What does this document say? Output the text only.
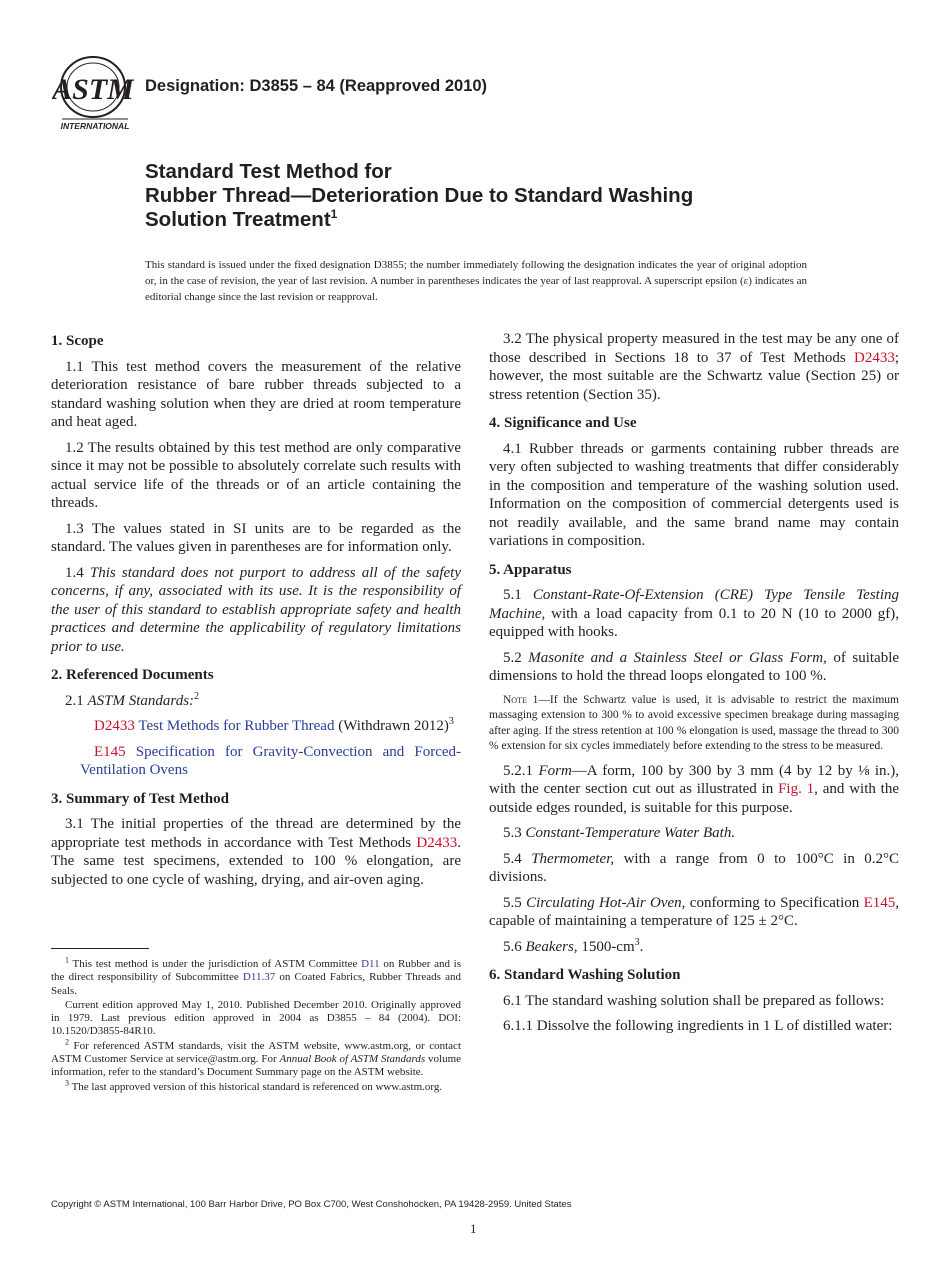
ASTM
INTERNATIONAL
Designation: D3855 – 84 (Reapproved 2010)
Standard Test Method for
Rubber Thread—Deterioration Due to Standard Washing
Solution Treatment$^1$
This standard is issued under the fixed designation D3855; the number immediately following the designation indicates the year of original adoption or, in the case of revision, the year of last revision. A number in parentheses indicates the year of last reapproval. A superscript epsilon (ε) indicates an editorial change since the last revision or reapproval.
1. Scope

1.1 This test method covers the measurement of the relative deterioration resistance of bare rubber threads subjected to a standard washing solution when they are dried at room temperature and heat aged.

1.2 The results obtained by this test method are only comparative since it may not be possible to absolutely correlate such results with actual service life of the threads or of an article containing the threads.

1.3 The values stated in SI units are to be regarded as the standard. The values given in parentheses are for information only.

1.4 This standard does not purport to address all of the safety concerns, if any, associated with its use. It is the responsibility of the user of this standard to establish appropriate safety and health practices and determine the applicability of regulatory limitations prior to use.

2. Referenced Documents

2.1 ASTM Standards:$^2$

D2433 Test Methods for Rubber Thread (Withdrawn 2012)$^3$

E145 Specification for Gravity-Convection and Forced-Ventilation Ovens

3. Summary of Test Method

3.1 The initial properties of the thread are determined by the appropriate test methods in accordance with Test Methods D2433. The same test specimens, extended to 100 % elongation, are subjected to one cycle of washing, drying, and air-oven aging.

3.2 The physical property measured in the test may be any one of those described in Sections 18 to 37 of Test Methods D2433; however, the most suitable are the Schwartz value (Section 25) or stress retention (Section 35).

4. Significance and Use

4.1 Rubber threads or garments containing rubber threads are very often subjected to washing treatments that differ considerably in the composition and temperature of the washing solution used. Information on the composition of commercial detergents used is not readily available, and the same brand name may contain variations in composition.

5. Apparatus

5.1 Constant-Rate-Of-Extension (CRE) Type Tensile Testing Machine, with a load capacity from 0.1 to 20 N (10 to 2000 gf), equipped with hooks.

5.2 Masonite and a Stainless Steel or Glass Form, of suitable dimensions to hold the thread loops elongated to 100 %.

Note 1—If the Schwartz value is used, it is advisable to restrict the maximum massaging extension to 300 % to avoid excessive specimen breakage during massaging after aging. If the stress retention at 100 % elongation is used, massage the thread to 300 % extension for six cycles immediately before extending to the stress to be measured.

5.2.1 Form—A form, 100 by 300 by 3 mm (4 by 12 by ⅛ in.), with the center section cut out as illustrated in Fig. 1, and with the outside edges rounded, is suitable for this purpose.

5.3 Constant-Temperature Water Bath.

5.4 Thermometer, with a range from 0 to 100°C in 0.2°C divisions.

5.5 Circulating Hot-Air Oven, conforming to Specification E145, capable of maintaining a temperature of 125 ± 2°C.

5.6 Beakers, $1500-cm^3$.

6. Standard Washing Solution

6.1 The standard washing solution shall be prepared as follows:

6.1.1 Dissolve the following ingredients in 1 L of distilled water:

$^1$ This test method is under the jurisdiction of ASTM Committee D11 on Rubber and is the direct responsibility of Subcommittee D11.37 on Coated Fabrics, Rubber Threads and Seals.

Current edition approved May 1, 2010. Published December 2010. Originally approved in 1979. Last previous edition approved in 2004 as D3855 – 84 (2004). DOI: 10.1520/D3855-84R10.

$^2$ For referenced ASTM standards, visit the ASTM website, www.astm.org, or contact ASTM Customer Service at service@astm.org. For Annual Book of ASTM Standards volume information, refer to the standard’s Document Summary page on the ASTM website.

$^3$ The last approved version of this historical standard is referenced on www.astm.org.

Copyright © ASTM International, 100 Barr Harbor Drive, PO Box C700, West Conshohocken, PA 19428-2959. United States
1
